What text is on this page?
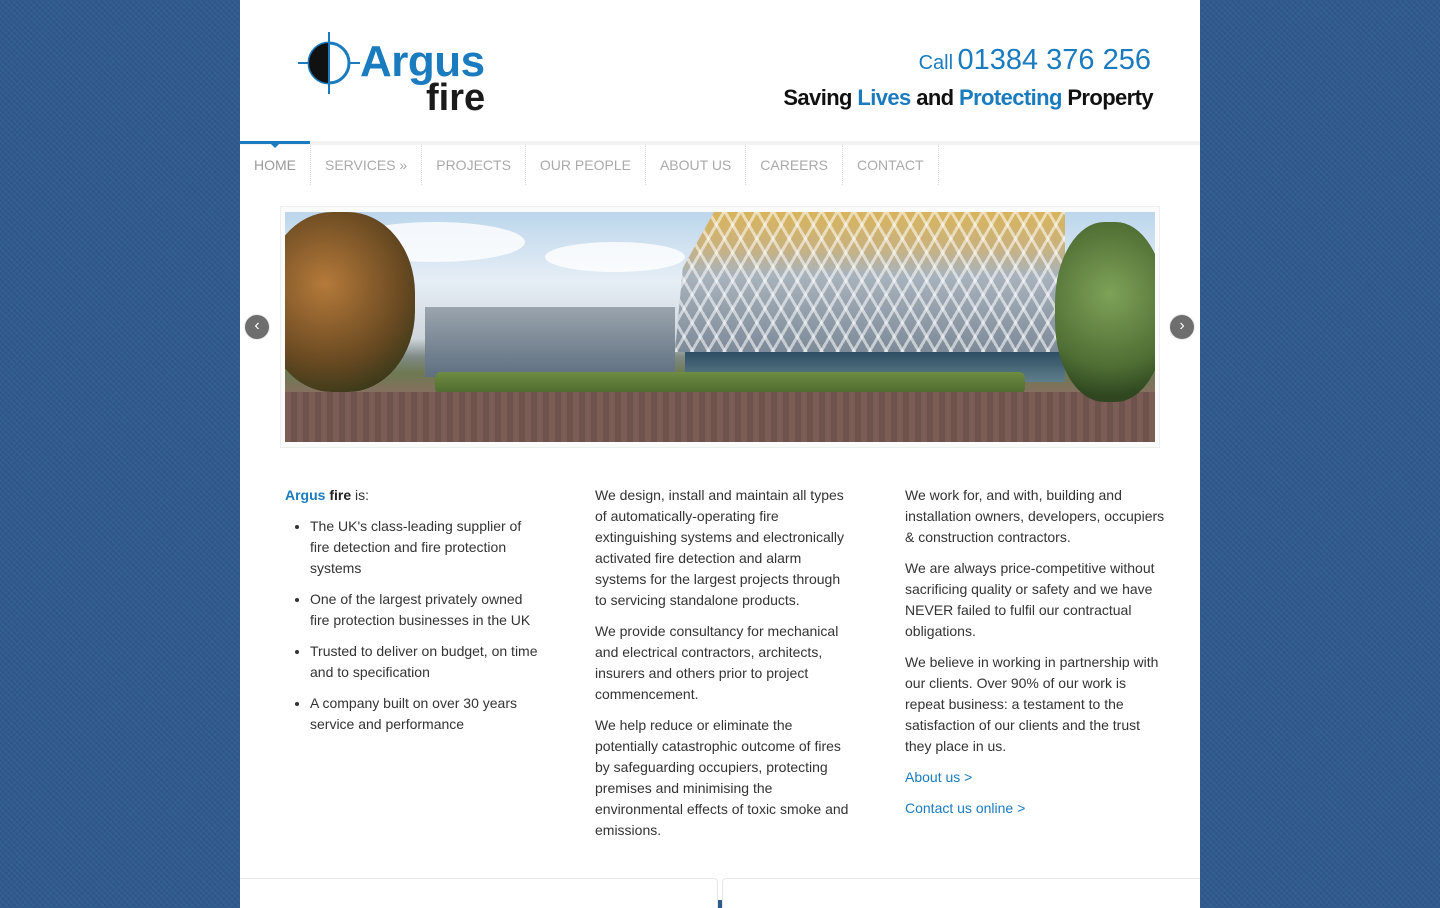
Argus
fire
Call 01384 376 256
Saving Lives and Protecting Property
HOME	SERVICES »	PROJECTS	OUR PEOPLE	ABOUT US	CAREERS	CONTACT
‹	›

Argus fire is:

• The UK's class-leading supplier of fire detection and fire protection systems
• One of the largest privately owned fire protection businesses in the UK
• Trusted to deliver on budget, on time and to specification
• A company built on over 30 years service and performance

We design, install and maintain all types of automatically-operating fire extinguishing systems and electronically activated fire detection and alarm systems for the largest projects through to servicing standalone products.

We provide consultancy for mechanical and electrical contractors, architects, insurers and others prior to project commencement.

We help reduce or eliminate the potentially catastrophic outcome of fires by safeguarding occupiers, protecting premises and minimising the environmental effects of toxic smoke and emissions.

We work for, and with, building and installation owners, developers, occupiers & construction contractors.

We are always price-competitive without sacrificing quality or safety and we have NEVER failed to fulfil our contractual obligations.

We believe in working in partnership with our clients. Over 90% of our work is repeat business: a testament to the satisfaction of our clients and the trust they place in us.

About us >
Contact us online >
